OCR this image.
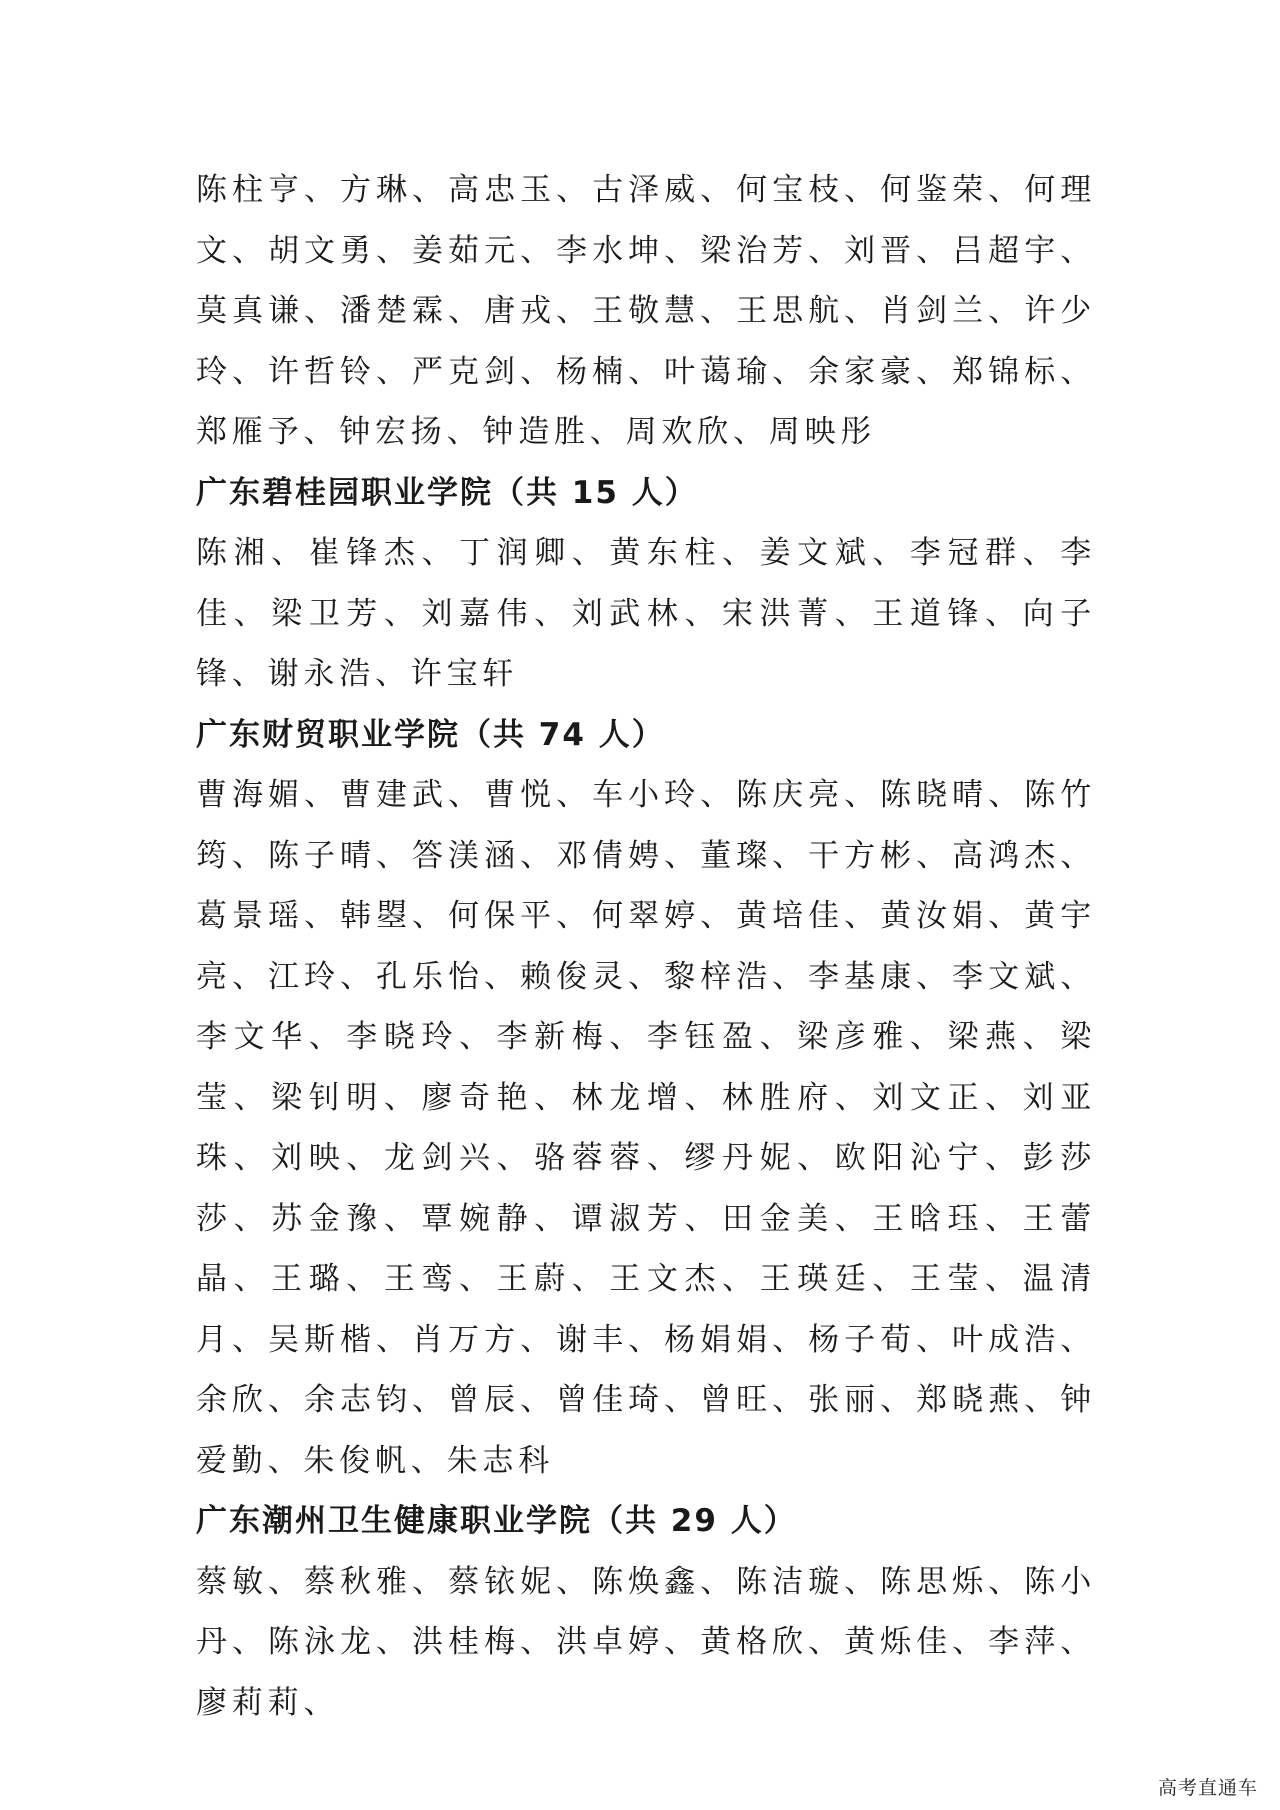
陈柱亨、方琳、高忠玉、古泽威、何宝枝、何鉴荣、何理文、胡文勇、姜茹元、李水坤、梁治芳、刘晋、吕超宇、莫真谦、潘楚霖、唐戎、王敬慧、王思航、肖剑兰、许少玲、许哲铃、严克剑、杨楠、叶蔼瑜、余家豪、郑锦标、郑雁予、钟宏扬、钟造胜、周欢欣、周映彤

广东碧桂园职业学院（共 15 人）

陈湘、崔锋杰、丁润卿、黄东柱、姜文斌、李冠群、李佳、梁卫芳、刘嘉伟、刘武林、宋洪菁、王道锋、向子锋、谢永浩、许宝轩

广东财贸职业学院（共 74 人）

曹海媚、曹建武、曹悦、车小玲、陈庆亮、陈晓晴、陈竹筠、陈子晴、答渼涵、邓倩娉、董璨、干方彬、高鸿杰、葛景瑶、韩曌、何保平、何翠婷、黄培佳、黄汝娟、黄宇亮、江玲、孔乐怡、赖俊灵、黎梓浩、李基康、李文斌、李文华、李晓玲、李新梅、李钰盈、梁彦雅、梁燕、梁莹、梁钊明、廖奇艳、林龙增、林胜府、刘文正、刘亚珠、刘映、龙剑兴、骆蓉蓉、缪丹妮、欧阳沁宁、彭莎莎、苏金豫、覃婉静、谭淑芳、田金美、王晗珏、王蕾晶、王璐、王鸾、王蔚、王文杰、王瑛廷、王莹、温清月、吴斯楷、肖万方、谢丰、杨娟娟、杨子荀、叶成浩、余欣、余志钧、曾辰、曾佳琦、曾旺、张丽、郑晓燕、钟爱勤、朱俊帆、朱志科

广东潮州卫生健康职业学院（共 29 人）

蔡敏、蔡秋雅、蔡铱妮、陈焕鑫、陈洁璇、陈思烁、陈小丹、陈泳龙、洪桂梅、洪卓婷、黄格欣、黄烁佳、李萍、廖莉莉、

高考直通车
